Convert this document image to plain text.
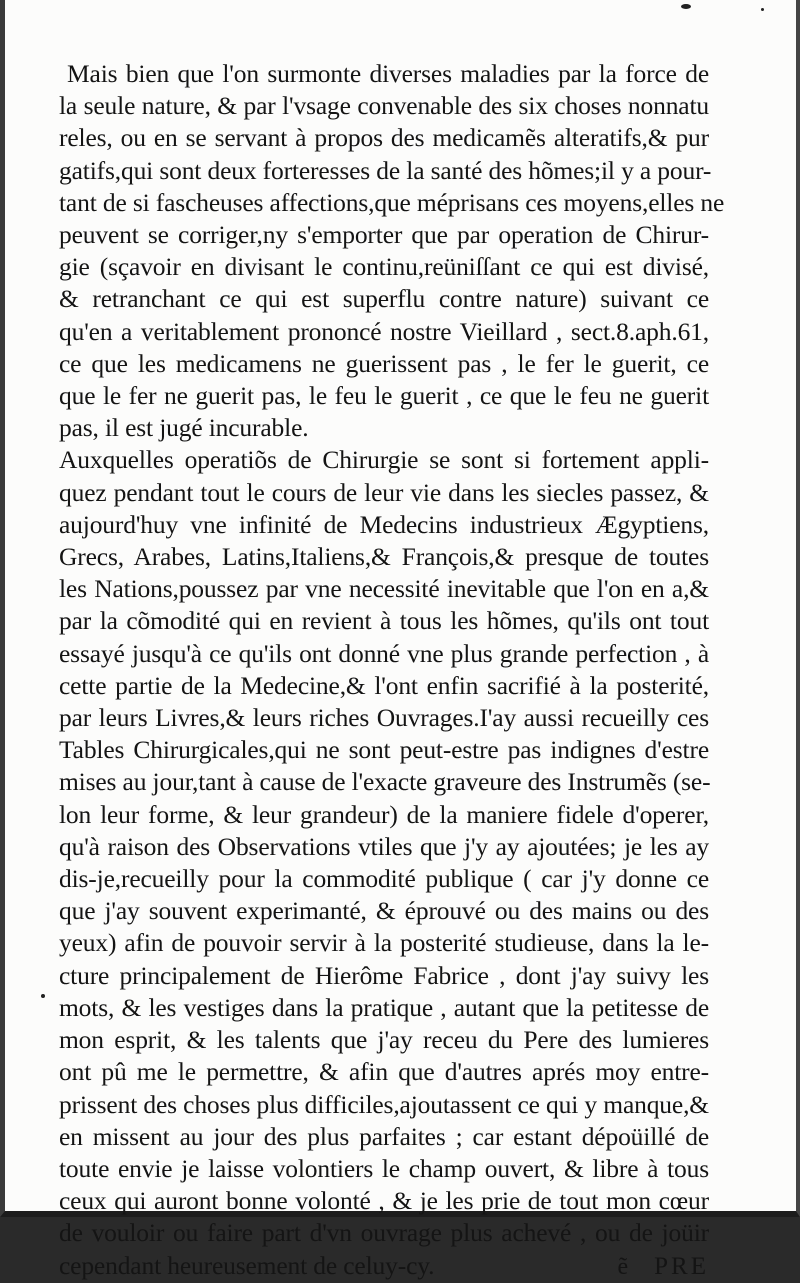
Mais bien que l'on surmonte diverses maladies par la force de
la seule nature, & par l'vsage convenable des six choses nonnatu
reles, ou en se servant à propos des medicamẽs alteratifs,& pur
gatifs,qui sont deux forteresses de la santé des hõmes;il y a pour-
tant de si fascheuses affections,que méprisans ces moyens,elles ne
peuvent se corriger,ny s'emporter que par operation de Chirur-
gie (sçavoir en divisant le continu,reüniſſant ce qui est divisé,
& retranchant ce qui est superflu contre nature) suivant ce
qu'en a veritablement prononcé nostre Vieillard , sect.8.aph.61,
ce que les medicamens ne guerissent pas , le fer le guerit, ce
que le fer ne guerit pas, le feu le guerit , ce que le feu ne guerit
pas, il est jugé incurable.
Auxquelles operatiõs de Chirurgie se sont si fortement appli-
quez pendant tout le cours de leur vie dans les siecles passez, &
aujourd'huy vne infinité de Medecins industrieux Ægyptiens,
Grecs, Arabes, Latins,Italiens,& François,& presque de toutes
les Nations,poussez par vne necessité inevitable que l'on en a,&
par la cõmodité qui en revient à tous les hõmes, qu'ils ont tout
essayé jusqu'à ce qu'ils ont donné vne plus grande perfection , à
cette partie de la Medecine,& l'ont enfin sacrifié à la posterité,
par leurs Livres,& leurs riches Ouvrages.I'ay aussi recueilly ces
Tables Chirurgicales,qui ne sont peut-estre pas indignes d'estre
mises au jour,tant à cause de l'exacte graveure des Instrumẽs (se-
lon leur forme, & leur grandeur) de la maniere fidele d'operer,
qu'à raison des Observations vtiles que j'y ay ajoutées; je les ay
dis-je,recueilly pour la commodité publique ( car j'y donne ce
que j'ay souvent experimanté, & éprouvé ou des mains ou des
yeux) afin de pouvoir servir à la posterité studieuse, dans la le-
cture principalement de Hierôme Fabrice , dont j'ay suivy les
mots, & les vestiges dans la pratique , autant que la petitesse de
mon esprit, & les talents que j'ay receu du Pere des lumieres
ont pû me le permettre, & afin que d'autres aprés moy entre-
prissent des choses plus difficiles,ajoutassent ce qui y manque,&
en missent au jour des plus parfaites ; car estant dépoüillé de
toute envie je laisse volontiers le champ ouvert, & libre à tous
ceux qui auront bonne volonté , & je les prie de tout mon cœur
de vouloir ou faire part d'vn ouvrage plus achevé , ou de joüir
cependant heureusement de celuy-cy.	ẽ PRE
